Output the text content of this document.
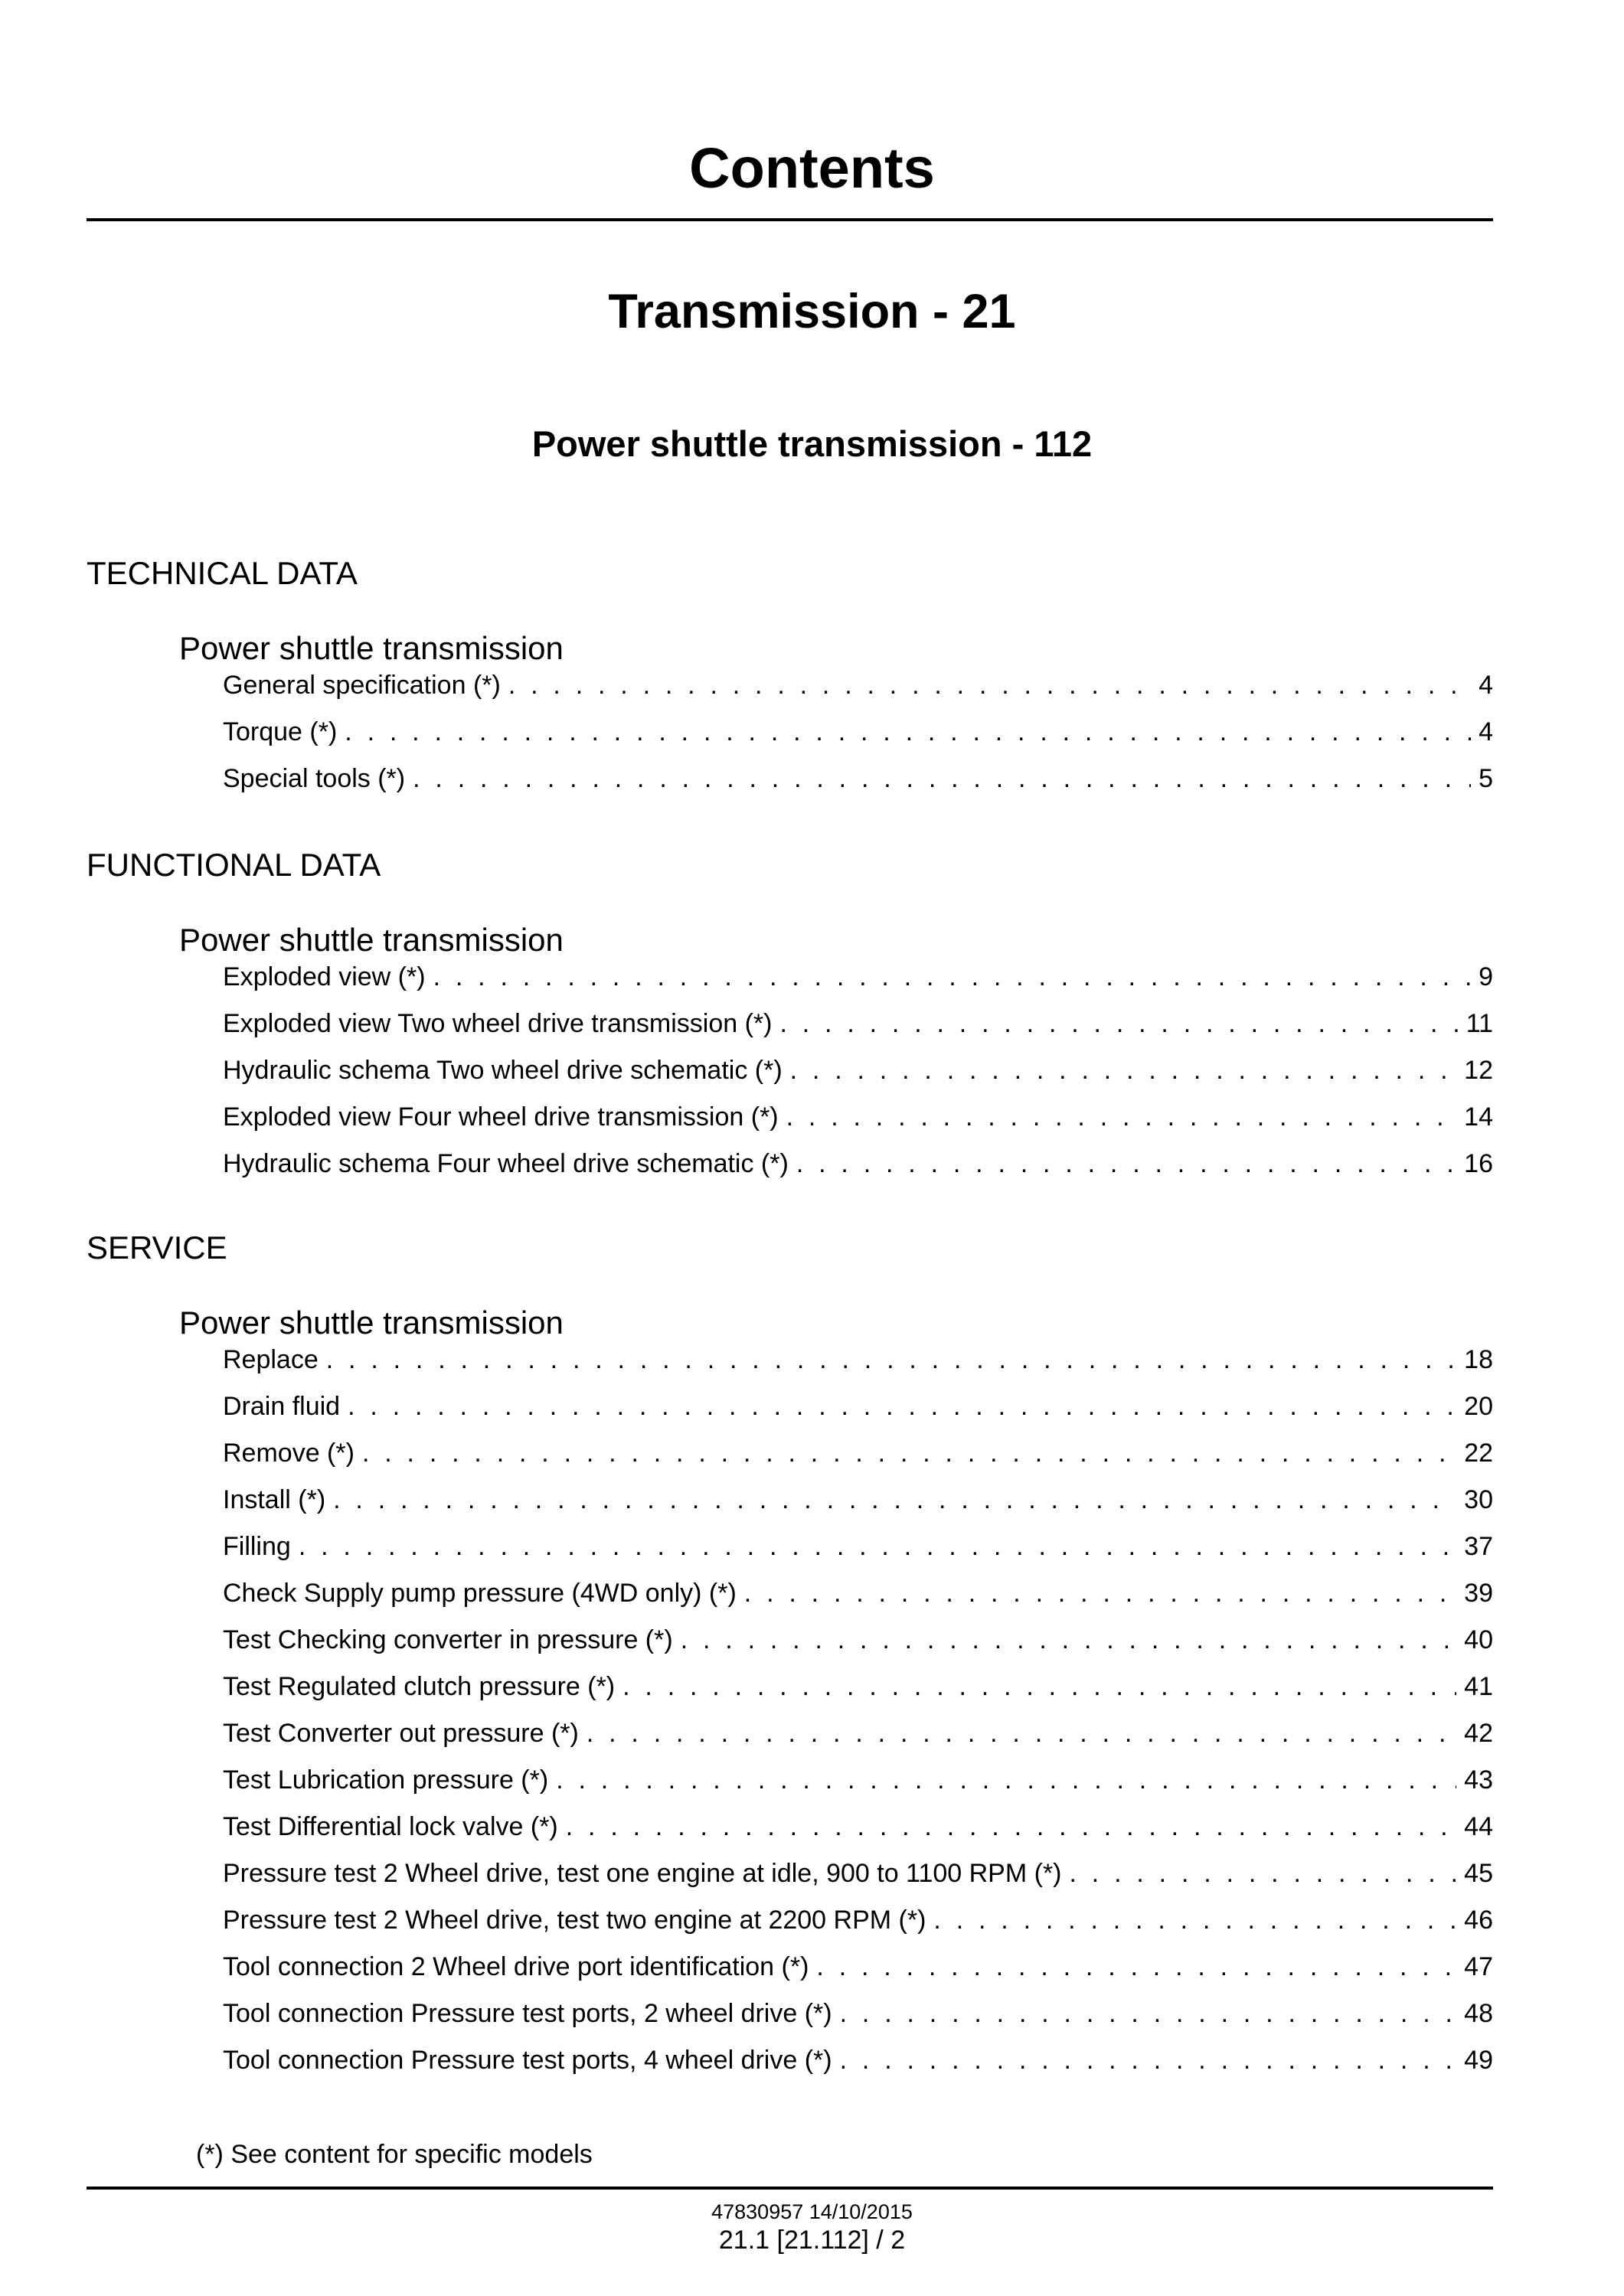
Contents
Transmission - 21
Power shuttle transmission - 112
TECHNICAL DATA
Power shuttle transmission
General specification (*) . . .	4
Torque (*) . . .	4
Special tools (*) . . .	5
FUNCTIONAL DATA
Power shuttle transmission
Exploded view (*) . . .	9
Exploded view Two wheel drive transmission (*) . . .	11
Hydraulic schema Two wheel drive schematic (*) . . .	12
Exploded view Four wheel drive transmission (*) . . .	14
Hydraulic schema Four wheel drive schematic (*) . . .	16
SERVICE
Power shuttle transmission
Replace . . .	18
Drain fluid . . .	20
Remove (*) . . .	22
Install (*) . . .	30
Filling . . .	37
Check Supply pump pressure (4WD only) (*) . . .	39
Test Checking converter in pressure (*) . . .	40
Test Regulated clutch pressure (*) . . .	41
Test Converter out pressure (*) . . .	42
Test Lubrication pressure (*) . . .	43
Test Differential lock valve (*) . . .	44
Pressure test 2 Wheel drive, test one engine at idle, 900 to 1100 RPM (*) . . .	45
Pressure test 2 Wheel drive, test two engine at 2200 RPM (*) . . .	46
Tool connection 2 Wheel drive port identification (*) . . .	47
Tool connection Pressure test ports, 2 wheel drive (*) . . .	48
Tool connection Pressure test ports, 4 wheel drive (*) . . .	49
(*) See content for specific models
47830957 14/10/2015
21.1 [21.112] / 2
